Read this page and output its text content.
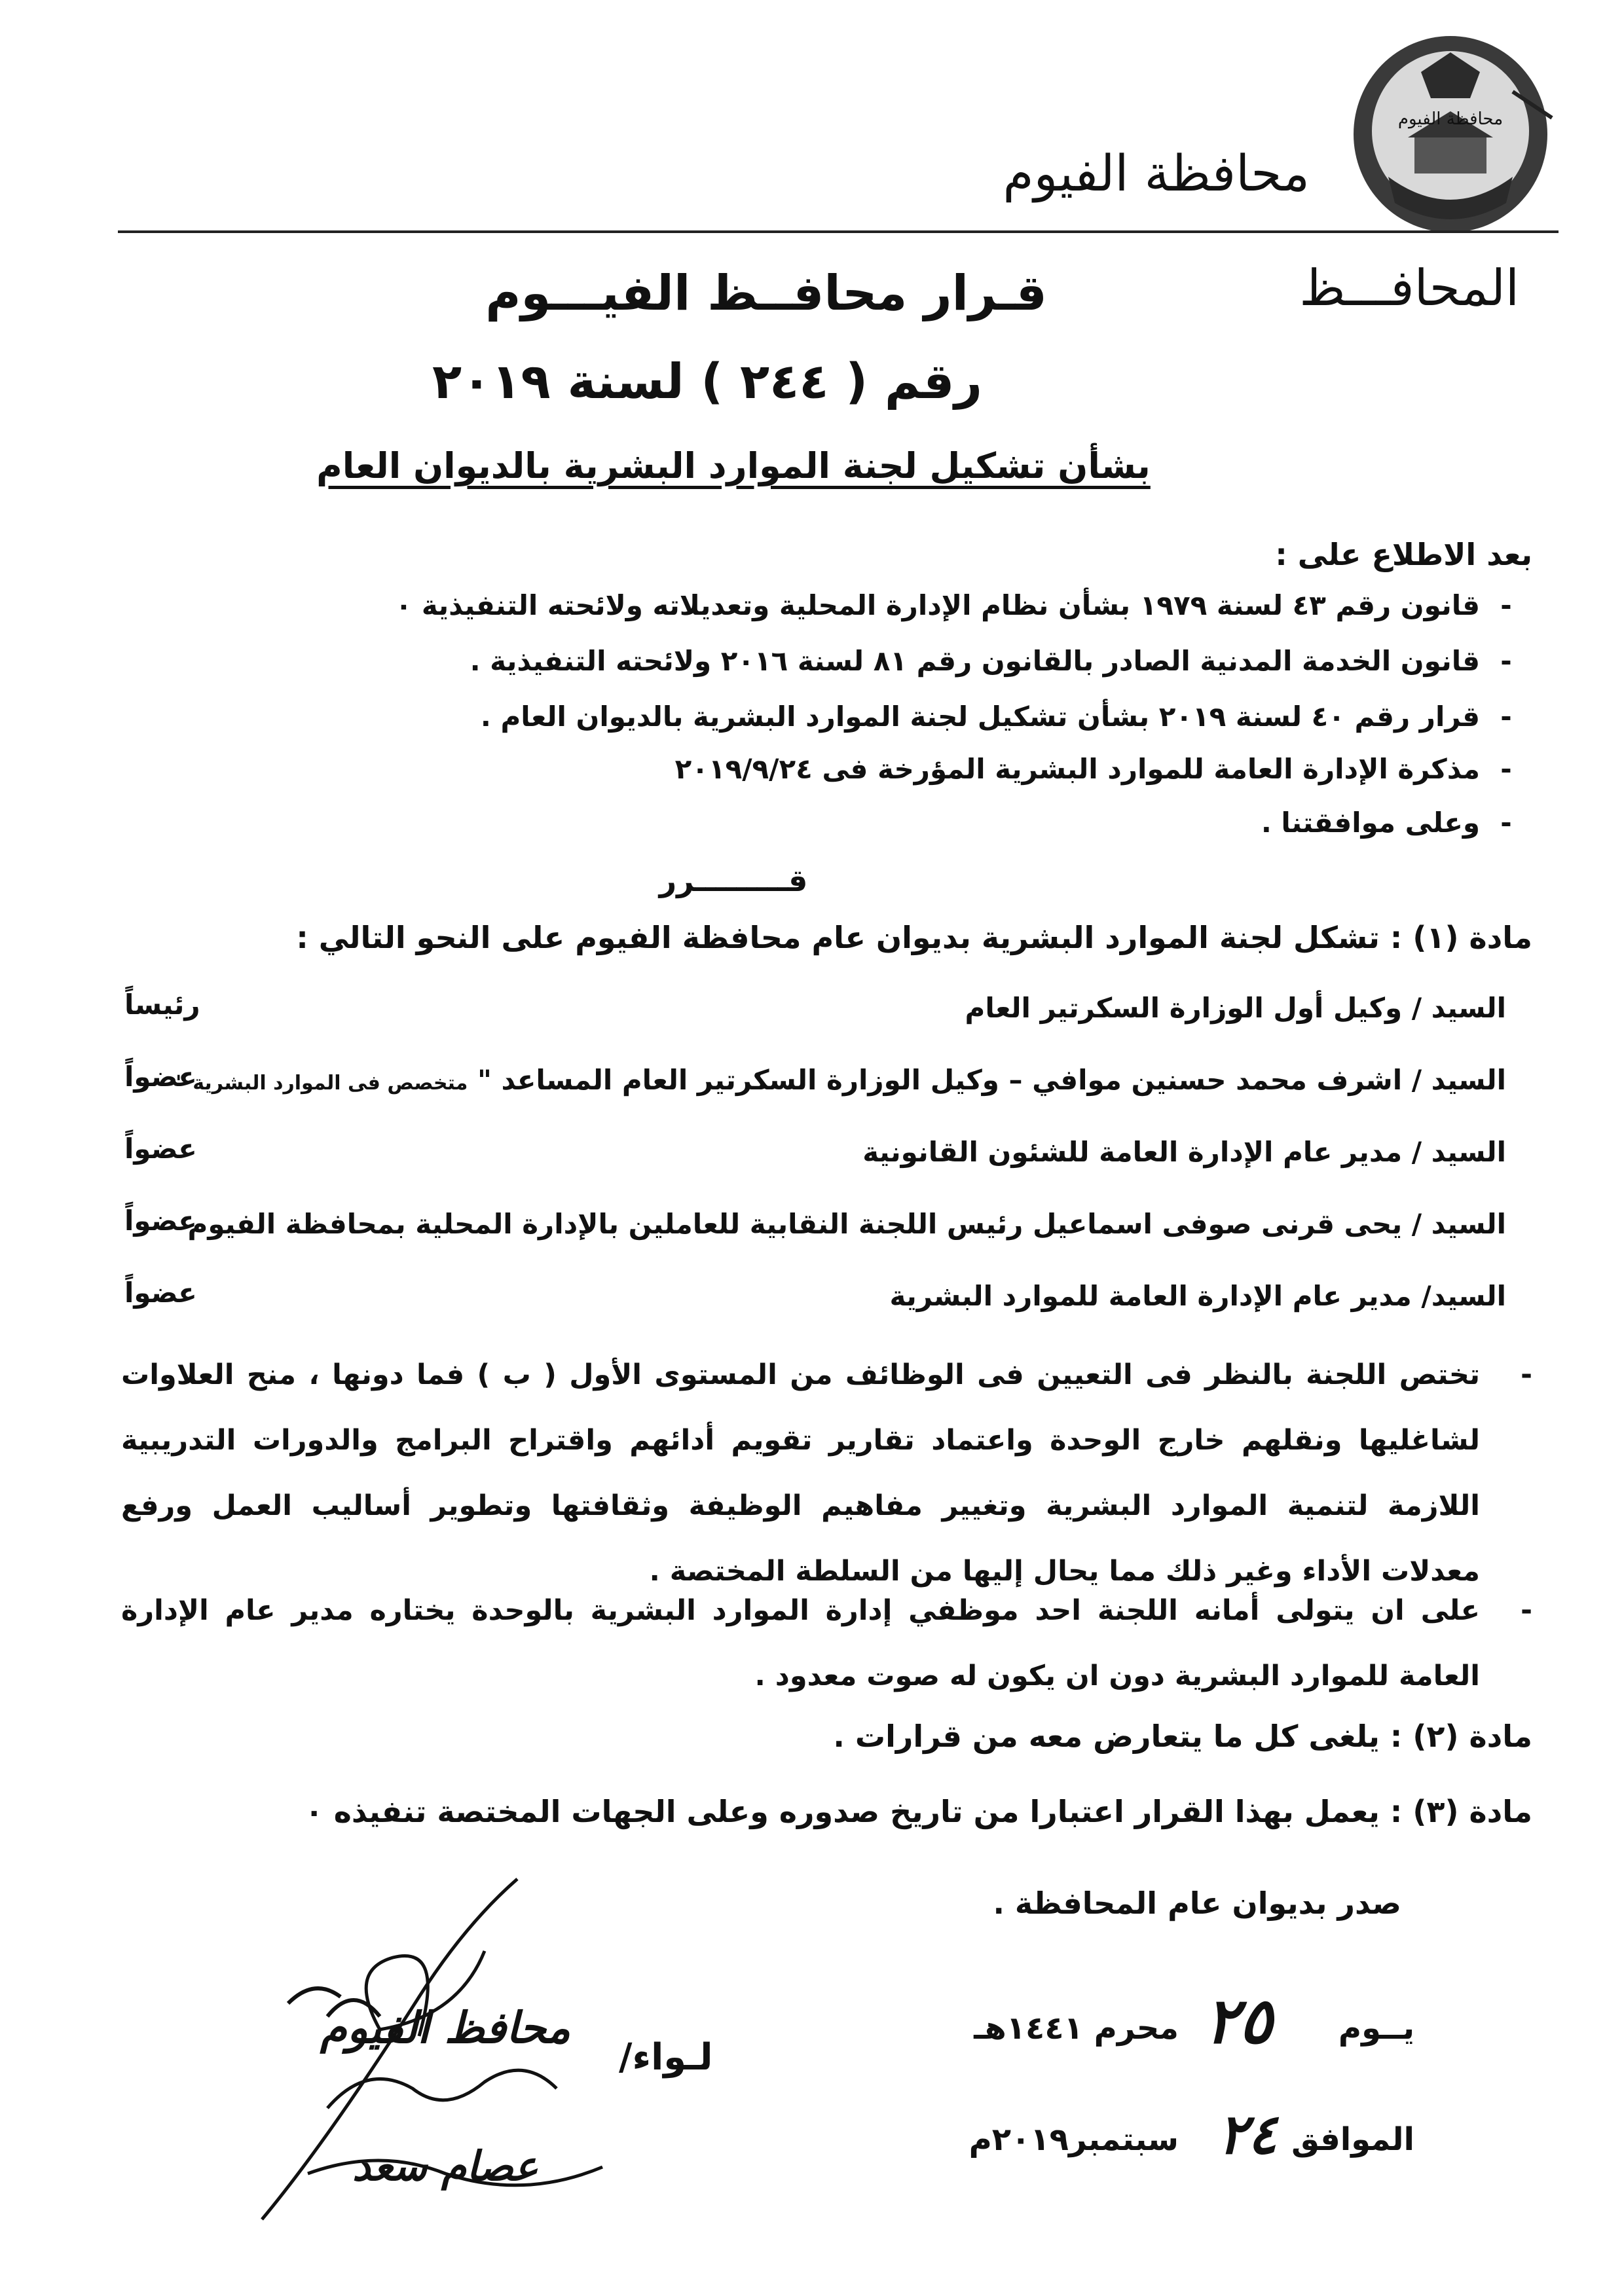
محافظة الفيوم
محافظة الفيوم
المحافـــظ
قـرار محافــظ الفيـــوم
رقم ( ٢٤٤ ) لسنة ٢٠١٩
بشأن تشكيل لجنة الموارد البشرية بالديوان العام
بعد الاطلاع على :
-قانون رقم ٤٣ لسنة ١٩٧٩ بشأن نظام الإدارة المحلية وتعديلاته ولائحته التنفيذية ٠
-قانون الخدمة المدنية الصادر بالقانون رقم ٨١ لسنة ٢٠١٦ ولائحته التنفيذية .
-قرار رقم ٤٠ لسنة ٢٠١٩ بشأن تشكيل لجنة الموارد البشرية بالديوان العام .
-مذكرة الإدارة العامة للموارد البشرية المؤرخة فى ٢٠١٩/٩/٢٤
-وعلى موافقتنا .
قـــــــــرر
مادة (١) : تشكل لجنة الموارد البشرية بديوان عام محافظة الفيوم على النحو التالي :
السيد / وكيل أول الوزارة السكرتير العام
رئيساً
السيد / اشرف محمد حسنين موافي – وكيل الوزارة السكرتير العام المساعد " متخصص فى الموارد البشرية "
عضواً
السيد / مدير عام الإدارة العامة للشئون القانونية
عضواً
السيد / يحى قرنى صوفى اسماعيل رئيس اللجنة النقابية للعاملين بالإدارة المحلية بمحافظة الفيوم
عضواً
السيد/ مدير عام الإدارة العامة للموارد البشرية
عضواً
-
تختص اللجنة بالنظر فى التعيين فى الوظائف من المستوى الأول ( ب ) فما دونها ، منح العلاوات لشاغليها ونقلهم خارج الوحدة واعتماد تقارير تقويم أدائهم واقتراح البرامج والدورات التدريبية اللازمة لتنمية الموارد البشرية وتغيير مفاهيم الوظيفة وثقافتها وتطوير أساليب العمل ورفع معدلات الأداء وغير ذلك مما يحال إليها من السلطة المختصة .
-
على ان يتولى أمانه اللجنة احد موظفي إدارة الموارد البشرية بالوحدة يختاره مدير عام الإدارة العامة للموارد البشرية دون ان يكون له صوت معدود .
مادة (٢) : يلغى كل ما يتعارض معه من قرارات .
مادة (٣) : يعمل بهذا القرار اعتبارا من تاريخ صدوره وعلى الجهات المختصة تنفيذه ٠
صدر بديوان عام المحافظة .
يــوم
٢٥
محرم ١٤٤١هـ
الموافق
٢٤
سبتمبر٢٠١٩م
لـواء/
محافظ الفيوم
عصام سعد
